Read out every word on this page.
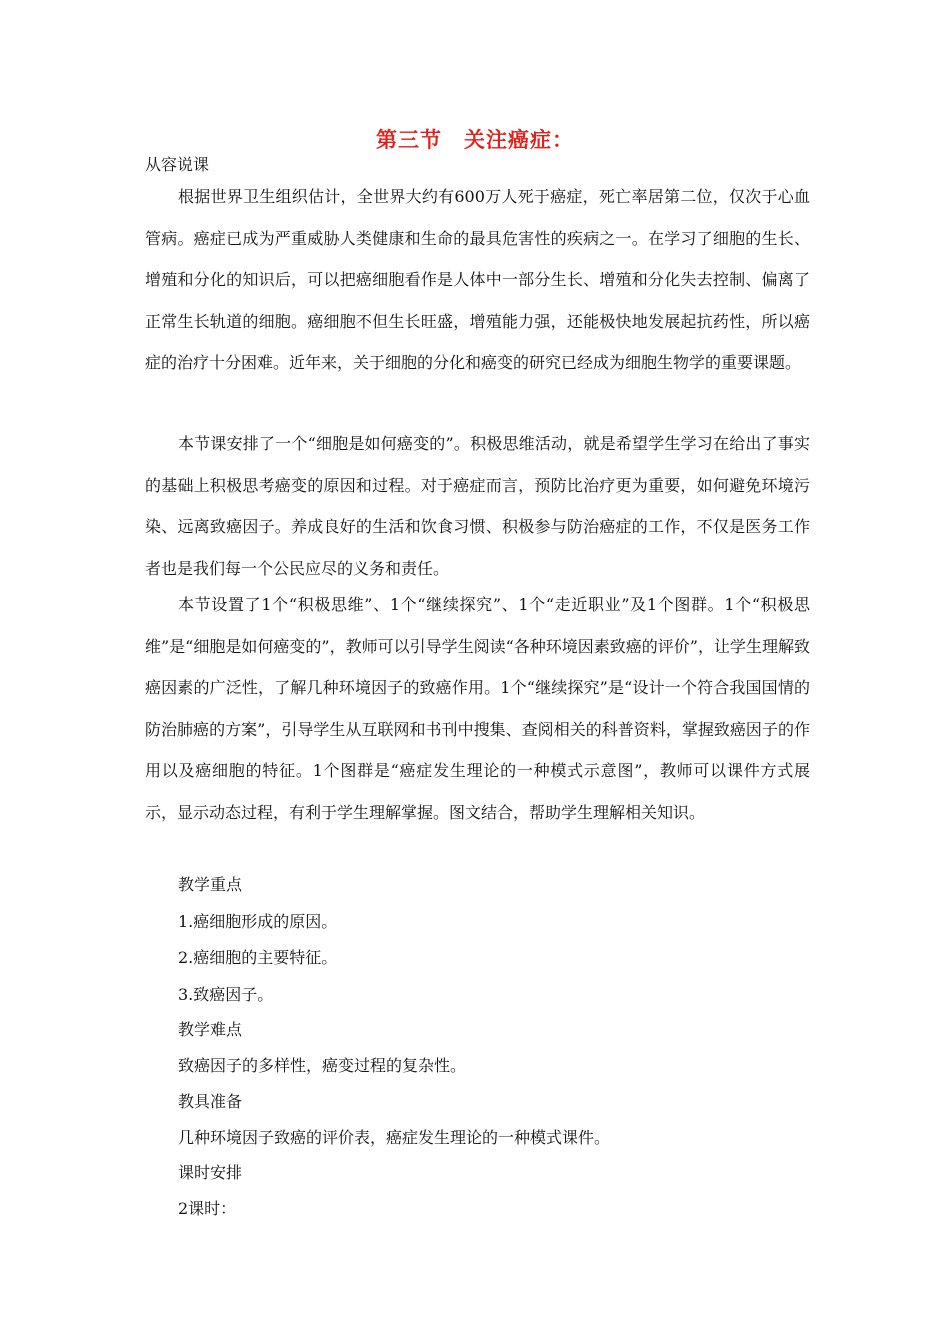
第三节　关注癌症：
从容说课
根据世界卫生组织估计，全世界大约有600万人死于癌症，死亡率居第二位，仅次于心血管病。癌症已成为严重威胁人类健康和生命的最具危害性的疾病之一。在学习了细胞的生长、增殖和分化的知识后，可以把癌细胞看作是人体中一部分生长、增殖和分化失去控制、偏离了正常生长轨道的细胞。癌细胞不但生长旺盛，增殖能力强，还能极快地发展起抗药性，所以癌症的治疗十分困难。近年来，关于细胞的分化和癌变的研究已经成为细胞生物学的重要课题。
本节课安排了一个“细胞是如何癌变的”。积极思维活动，就是希望学生学习在给出了事实的基础上积极思考癌变的原因和过程。对于癌症而言，预防比治疗更为重要，如何避免环境污染、远离致癌因子。养成良好的生活和饮食习惯、积极参与防治癌症的工作，不仅是医务工作者也是我们每一个公民应尽的义务和责任。
本节设置了1个“积极思维”、1个“继续探究”、1个“走近职业”及1个图群。1个“积极思维”是“细胞是如何癌变的”，教师可以引导学生阅读“各种环境因素致癌的评价”，让学生理解致癌因素的广泛性，了解几种环境因子的致癌作用。1个“继续探究”是“设计一个符合我国国情的防治肺癌的方案”，引导学生从互联网和书刊中搜集、查阅相关的科普资料，掌握致癌因子的作用以及癌细胞的特征。1个图群是“癌症发生理论的一种模式示意图”，教师可以课件方式展示，显示动态过程，有利于学生理解掌握。图文结合，帮助学生理解相关知识。
教学重点
1.癌细胞形成的原因。
2.癌细胞的主要特征。
3.致癌因子。
教学难点
致癌因子的多样性，癌变过程的复杂性。
教具准备
几种环境因子致癌的评价表，癌症发生理论的一种模式课件。
课时安排
2课时：
